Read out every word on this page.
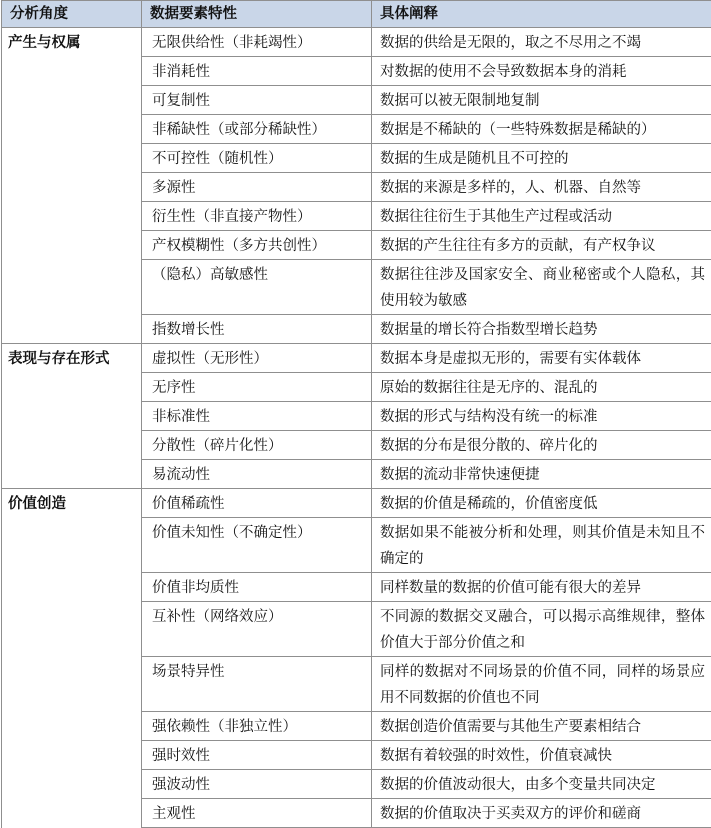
分析角度	数据要素特性	具体阐释
产生与权属	无限供给性（非耗竭性）	数据的供给是无限的，取之不尽用之不竭
	非消耗性	对数据的使用不会导致数据本身的消耗
	可复制性	数据可以被无限制地复制
	非稀缺性（或部分稀缺性）	数据是不稀缺的（一些特殊数据是稀缺的）
	不可控性（随机性）	数据的生成是随机且不可控的
	多源性	数据的来源是多样的，人、机器、自然等
	衍生性（非直接产物性）	数据往往衍生于其他生产过程或活动
	产权模糊性（多方共创性）	数据的产生往往有多方的贡献，有产权争议
	（隐私）高敏感性	数据往往涉及国家安全、商业秘密或个人隐私，其使用较为敏感
	指数增长性	数据量的增长符合指数型增长趋势
表现与存在形式	虚拟性（无形性）	数据本身是虚拟无形的，需要有实体载体
	无序性	原始的数据往往是无序的、混乱的
	非标准性	数据的形式与结构没有统一的标准
	分散性（碎片化性）	数据的分布是很分散的、碎片化的
	易流动性	数据的流动非常快速便捷
价值创造	价值稀疏性	数据的价值是稀疏的，价值密度低
	价值未知性（不确定性）	数据如果不能被分析和处理，则其价值是未知且不确定的
	价值非均质性	同样数量的数据的价值可能有很大的差异
	互补性（网络效应）	不同源的数据交叉融合，可以揭示高维规律，整体价值大于部分价值之和
	场景特异性	同样的数据对不同场景的价值不同，同样的场景应用不同数据的价值也不同
	强依赖性（非独立性）	数据创造价值需要与其他生产要素相结合
	强时效性	数据有着较强的时效性，价值衰减快
	强波动性	数据的价值波动很大，由多个变量共同决定
	主观性	数据的价值取决于买卖双方的评价和磋商
